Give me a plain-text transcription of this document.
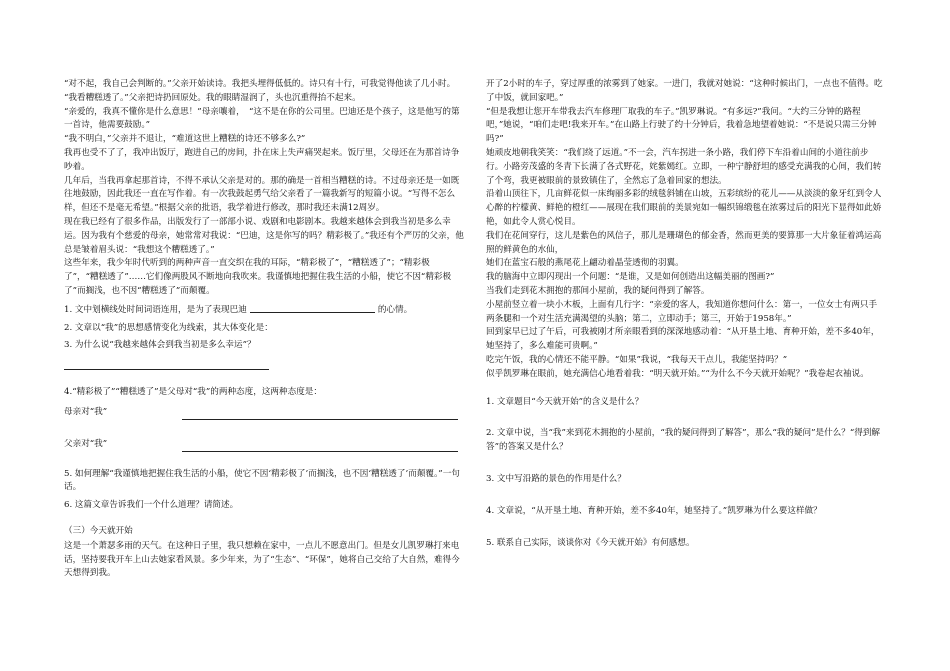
“对不起，我自己会判断的。”父亲开始读诗。我把头埋得低低的。诗只有十行，可我觉得他读了几小时。

“我看糟糕透了。”父亲把诗扔回原处。我的眼睛湿润了，头也沉重得抬不起来。

“亲爱的，我真不懂你是什么意思！”母亲嚷着，　“这不是在你的公司里。巴迪还是个孩子，这是他写的第一首诗，他需要鼓励。”

“我不明白，”父亲并不退让，“难道这世上糟糕的诗还不够多么?”

我再也受不了了，我冲出饭厅，跑进自己的房间，扑在床上失声痛哭起来。饭厅里，父母还在为那首诗争吵着。

几年后，当我再拿起那首诗，不得不承认父亲是对的。那的确是一首相当糟糕的诗。不过母亲还是一如既往地鼓励，因此我还一直在写作着。有一次我鼓起勇气给父亲看了一篇我新写的短篇小说。“写得不怎么样，但还不是毫无希望。”根据父亲的批语，我学着进行修改，那时我还未满12周岁。

现在我已经有了很多作品，出版发行了一部部小说、戏剧和电影剧本。我越来越体会到我当初是多么幸运。因为我有个慈爱的母亲，她常常对我说：“巴迪，这是你写的吗？精彩极了。”我还有个严厉的父亲，他总是皱着眉头说：“我想这个糟糕透了。”

这些年来，我少年时代听到的两种声音一直交织在我的耳际，“精彩极了”，“糟糕透了”；“精彩极了”，“糟糕透了”……它们像两股风不断地向我吹来。我谨慎地把握住我生活的小船，使它不因“精彩极了”而搁浅，也不因“糟糕透了”而颠覆。

1. 文中划横线处时间词语连用，是为了表现巴迪	的心情。

2. 文章以“我”的思想感情变化为线索，其大体变化是：

3. 为什么说“我越来越体会到我当初是多么幸运”？

4.“精彩极了”“糟糕透了”是父母对“我”的两种态度，这两种态度是：

母亲对“我”
父亲对“我”

5. 如何理解“我谨慎地把握住我生活的小船，使它不因‘精彩极了’而搁浅，也不因‘糟糕透了’而颠覆。”一句话。

6. 这篇文章告诉我们一个什么道理？请简述。

（三）今天就开始

这是一个萧瑟多雨的天气。在这种日子里，我只想赖在家中，一点儿不愿意出门。但是女儿凯罗琳打来电话，坚持要我开车上山去她家看风景。多少年来，为了“生态”、“环保”，她将自己交给了大自然，难得今天想得到我。

开了2小时的车子，穿过厚重的浓雾到了她家。一进门，我就对她说：“这种时候出门，一点也不值得。吃了中饭，就回家吧。”

“但是我想让您开车带我去汽车修理厂取我的车子。”凯罗琳说。“有多远?”我问。“大约三分钟的路程吧，”她说，“咱们走吧!我来开车。”在山路上行驶了约十分钟后，我着急地望着她说：“不是说只需三分钟吗?”

她顽皮地朝我笑笑：“我们绕了远道。”不一会，汽车拐进一条小路，我们停下车沿着山间的小道往前步行。小路旁茂盛的冬青下长满了各式野花，姹紫嫣红。立即，一种宁静舒坦的感受充满我的心间，我们转了个弯，我更被眼前的景致镇住了，全然忘了急着回家的想法。

沿着山顶往下，几亩鲜花似一床绚丽多彩的绒毯斜铺在山坡，五彩缤纷的花儿——从淡淡的象牙红到令人心醉的柠檬黄、鲜艳的橙红——展现在我们眼前的美景宛如一幅织锦缎毯在浓雾过后的阳光下显得如此娇艳，如此令人赏心悦目。

我们在花间穿行，这儿是紫色的风信子，那儿是珊瑚色的郁金香，然而更美的要算那一大片象征着鸿运高照的鲜黄色的水仙，

她们在蓝宝石般的燕尾花上翩动着晶莹透彻的羽翼。

我的脑海中立即闪现出一个问题：“是谁，又是如何创造出这幅美丽的图画?”

当我们走到花木拥抱的那间小屋前，我的疑问得到了解答。

小屋前竖立着一块小木板，上面有几行字：“亲爱的客人，我知道你想问什么：第一，一位女士有两只手两条腿和一个对生活充满渴望的头脑；第二，立即动手；第三，开始于1958年。”

回到家早已过了午后，可我被刚才所亲眼看到的深深地感动着：“从开垦土地、育种开始，差不多40年，她坚持了，多么难能可贵啊。”

吃完午饭，我的心情还不能平静。“如果”我说，“我每天干点儿，我能坚持吗？”

似乎凯罗琳在眼前，她充满信心地看着我：“明天就开始。”“为什么不今天就开始呢？”我卷起衣袖说。

1. 文章题目“今天就开始”的含义是什么？

2. 文章中说，当“我”来到花木拥抱的小屋前，“我的疑问得到了解答”，那么“我的疑问”是什么？“得到解答”的答案又是什么？

3. 文中写沿路的景色的作用是什么？

4. 文章说，“从开垦土地、育种开始，差不多40年，她坚持了。”凯罗琳为什么要这样做？

5. 联系自己实际，谈谈你对《今天就开始》有何感想。
